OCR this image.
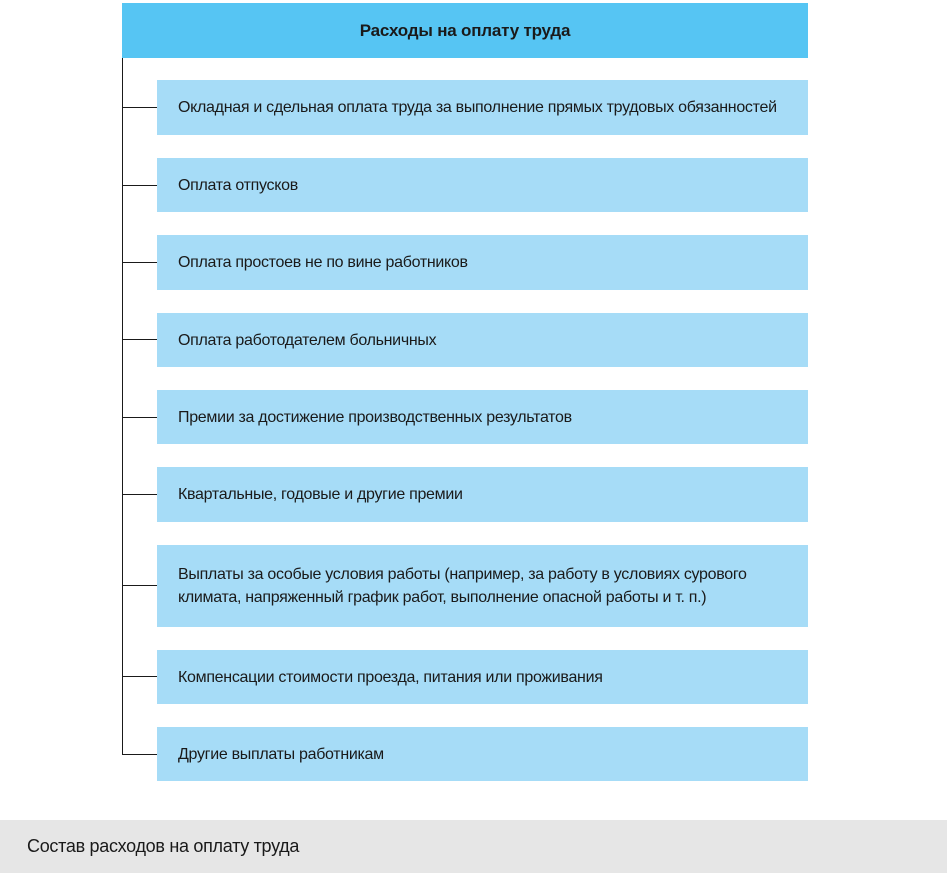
Расходы на оплату труда
Окладная и сдельная оплата труда за выполнение прямых трудовых обязанностей
Оплата отпусков
Оплата простоев не по вине работников
Оплата работодателем больничных
Премии за достижение производственных результатов
Квартальные, годовые и другие премии
Выплаты за особые условия работы (например, за работу в условиях сурового климата, напряженный график работ, выполнение опасной работы и т. п.)
Компенсации стоимости проезда, питания или проживания
Другие выплаты работникам
Состав расходов на оплату труда
